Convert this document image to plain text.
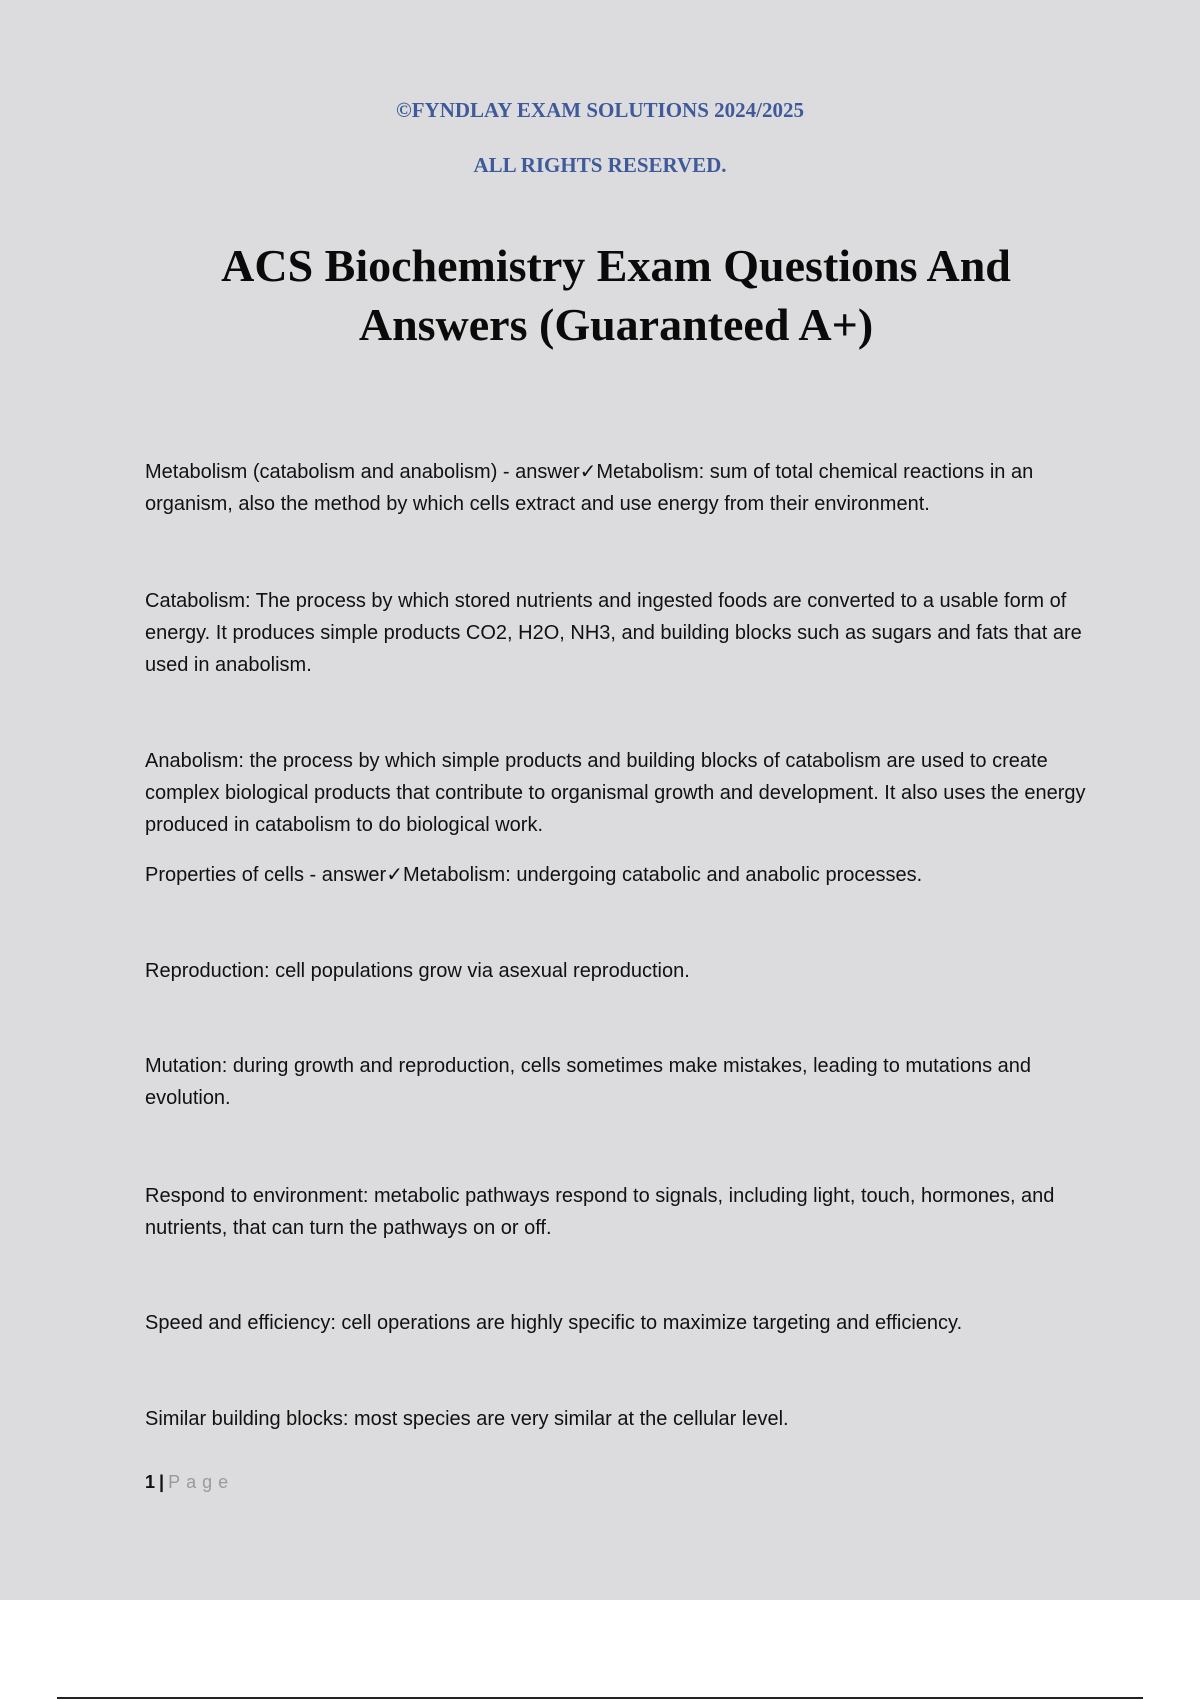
©FYNDLAY EXAM SOLUTIONS 2024/2025

ALL RIGHTS RESERVED.

ACS Biochemistry Exam Questions And
Answers (Guaranteed A+)

Metabolism (catabolism and anabolism) - answer✓Metabolism: sum of total chemical reactions in an organism, also the method by which cells extract and use energy from their environment.

Catabolism: The process by which stored nutrients and ingested foods are converted to a usable form of energy. It produces simple products CO2, H2O, NH3, and building blocks such as sugars and fats that are used in anabolism.

Anabolism: the process by which simple products and building blocks of catabolism are used to create complex biological products that contribute to organismal growth and development. It also uses the energy produced in catabolism to do biological work.

Properties of cells - answer✓Metabolism: undergoing catabolic and anabolic processes.

Reproduction: cell populations grow via asexual reproduction.

Mutation: during growth and reproduction, cells sometimes make mistakes, leading to mutations and evolution.

Respond to environment: metabolic pathways respond to signals, including light, touch, hormones, and nutrients, that can turn the pathways on or off.

Speed and efficiency: cell operations are highly specific to maximize targeting and efficiency.

Similar building blocks: most species are very similar at the cellular level.

1 | Page
